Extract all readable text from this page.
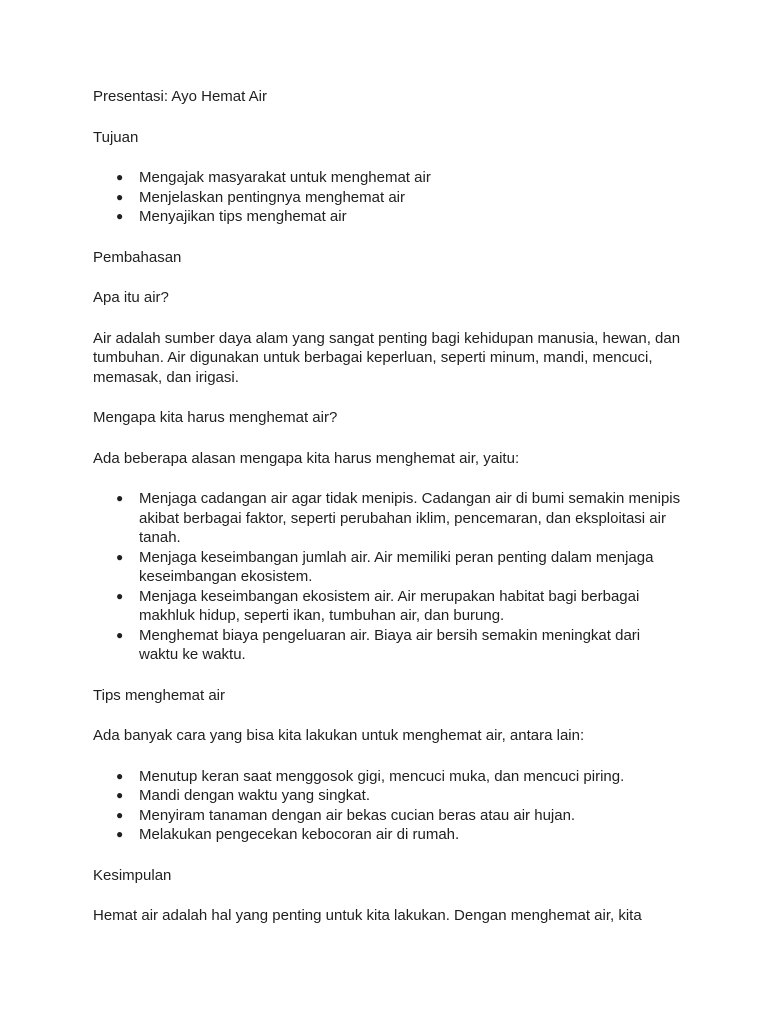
Presentasi: Ayo Hemat Air

Tujuan

● Mengajak masyarakat untuk menghemat air
● Menjelaskan pentingnya menghemat air
● Menyajikan tips menghemat air

Pembahasan

Apa itu air?

Air adalah sumber daya alam yang sangat penting bagi kehidupan manusia, hewan, dan tumbuhan. Air digunakan untuk berbagai keperluan, seperti minum, mandi, mencuci, memasak, dan irigasi.

Mengapa kita harus menghemat air?

Ada beberapa alasan mengapa kita harus menghemat air, yaitu:

● Menjaga cadangan air agar tidak menipis. Cadangan air di bumi semakin menipis akibat berbagai faktor, seperti perubahan iklim, pencemaran, dan eksploitasi air tanah.
● Menjaga keseimbangan jumlah air. Air memiliki peran penting dalam menjaga keseimbangan ekosistem.
● Menjaga keseimbangan ekosistem air. Air merupakan habitat bagi berbagai makhluk hidup, seperti ikan, tumbuhan air, dan burung.
● Menghemat biaya pengeluaran air. Biaya air bersih semakin meningkat dari waktu ke waktu.

Tips menghemat air

Ada banyak cara yang bisa kita lakukan untuk menghemat air, antara lain:

● Menutup keran saat menggosok gigi, mencuci muka, dan mencuci piring.
● Mandi dengan waktu yang singkat.
● Menyiram tanaman dengan air bekas cucian beras atau air hujan.
● Melakukan pengecekan kebocoran air di rumah.

Kesimpulan

Hemat air adalah hal yang penting untuk kita lakukan. Dengan menghemat air, kita
